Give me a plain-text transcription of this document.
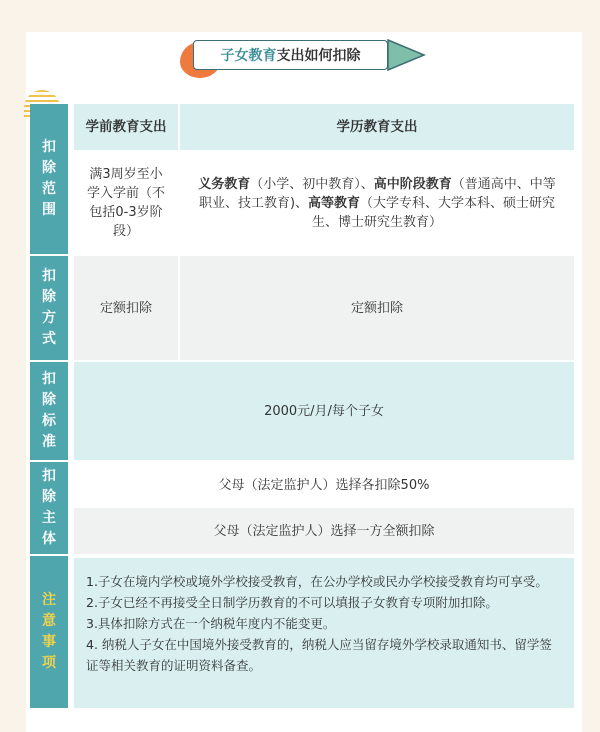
子女教育 支出如何扣除
扣
除
范
围
学前教育支出	学历教育支出
满3周岁至小学入学前（不包括0-3岁阶段）
义务教育（小学、初中教育）、高中阶段教育（普通高中、中等职业、技工教育)、高等教育（大学专科、大学本科、硕士研究生、博士研究生教育）
扣
除
方
式
定额扣除	定额扣除
扣
除
标
准
2000元/月/每个子女
扣
除
主
体
父母（法定监护人）选择各扣除50%
父母（法定监护人）选择一方全额扣除
注
意
事
项

1.子女在境内学校或境外学校接受教育，在公办学校或民办学校接受教育均可享受。

2.子女已经不再接受全日制学历教育的不可以填报子女教育专项附加扣除。

3.具体扣除方式在一个纳税年度内不能变更。

4. 纳税人子女在中国境外接受教育的，纳税人应当留存境外学校录取通知书、留学签证等相关教育的证明资料备查。
